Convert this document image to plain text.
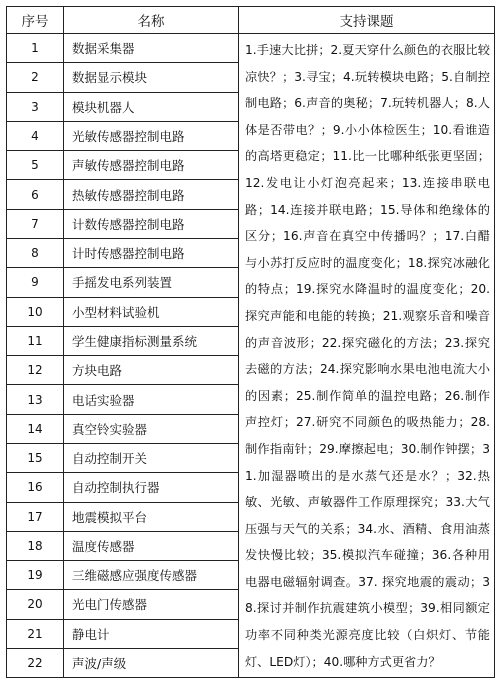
序号	名称	支持课题
1	数据采集器	1.手速大比拼；2.夏天穿什么颜色的衣服比较凉快？；3.寻宝；4.玩转模块电路；5.自制控制电路；6.声音的奥秘；7.玩转机器人；8.人体是否带电？；9.小小体检医生；10.看谁造的高塔更稳定；11.比一比哪种纸张更坚固；12.发电让小灯泡亮起来；13.连接串联电路；14.连接并联电路；15.导体和绝缘体的区分；16.声音在真空中传播吗？；17.白醋与小苏打反应时的温度变化；18.探究冰融化的特点；19.探究水降温时的温度变化；20.探究声能和电能的转换；21.观察乐音和噪音的声音波形；22.探究磁化的方法；23.探究去磁的方法；24.探究影响水果电池电流大小的因素；25.制作简单的温控电路；26.制作声控灯；27.研究不同颜色的吸热能力；28.制作指南针；29.摩擦起电；30.制作钟摆；31.加湿器喷出的是水蒸气还是水？；32.热敏、光敏、声敏器件工作原理探究；33.大气压强与天气的关系；34.水、酒精、食用油蒸发快慢比较；35.模拟汽车碰撞；36.各种用电器电磁辐射调查。37. 探究地震的震动；38.探讨并制作抗震建筑小模型；39.相同额定功率不同种类光源亮度比较（白炽灯、节能灯、LED灯）；40.哪种方式更省力？
2	数据显示模块	
3	模块机器人	
4	光敏传感器控制电路	
5	声敏传感器控制电路	
6	热敏传感器控制电路	
7	计数传感器控制电路	
8	计时传感器控制电路	
9	手摇发电系列装置	
10	小型材料试验机	
11	学生健康指标测量系统	
12	方块电路	
13	电话实验器	
14	真空铃实验器	
15	自动控制开关	
16	自动控制执行器	
17	地震模拟平台	
18	温度传感器	
19	三维磁感应强度传感器	
20	光电门传感器	
21	静电计	
22	声波/声级	
